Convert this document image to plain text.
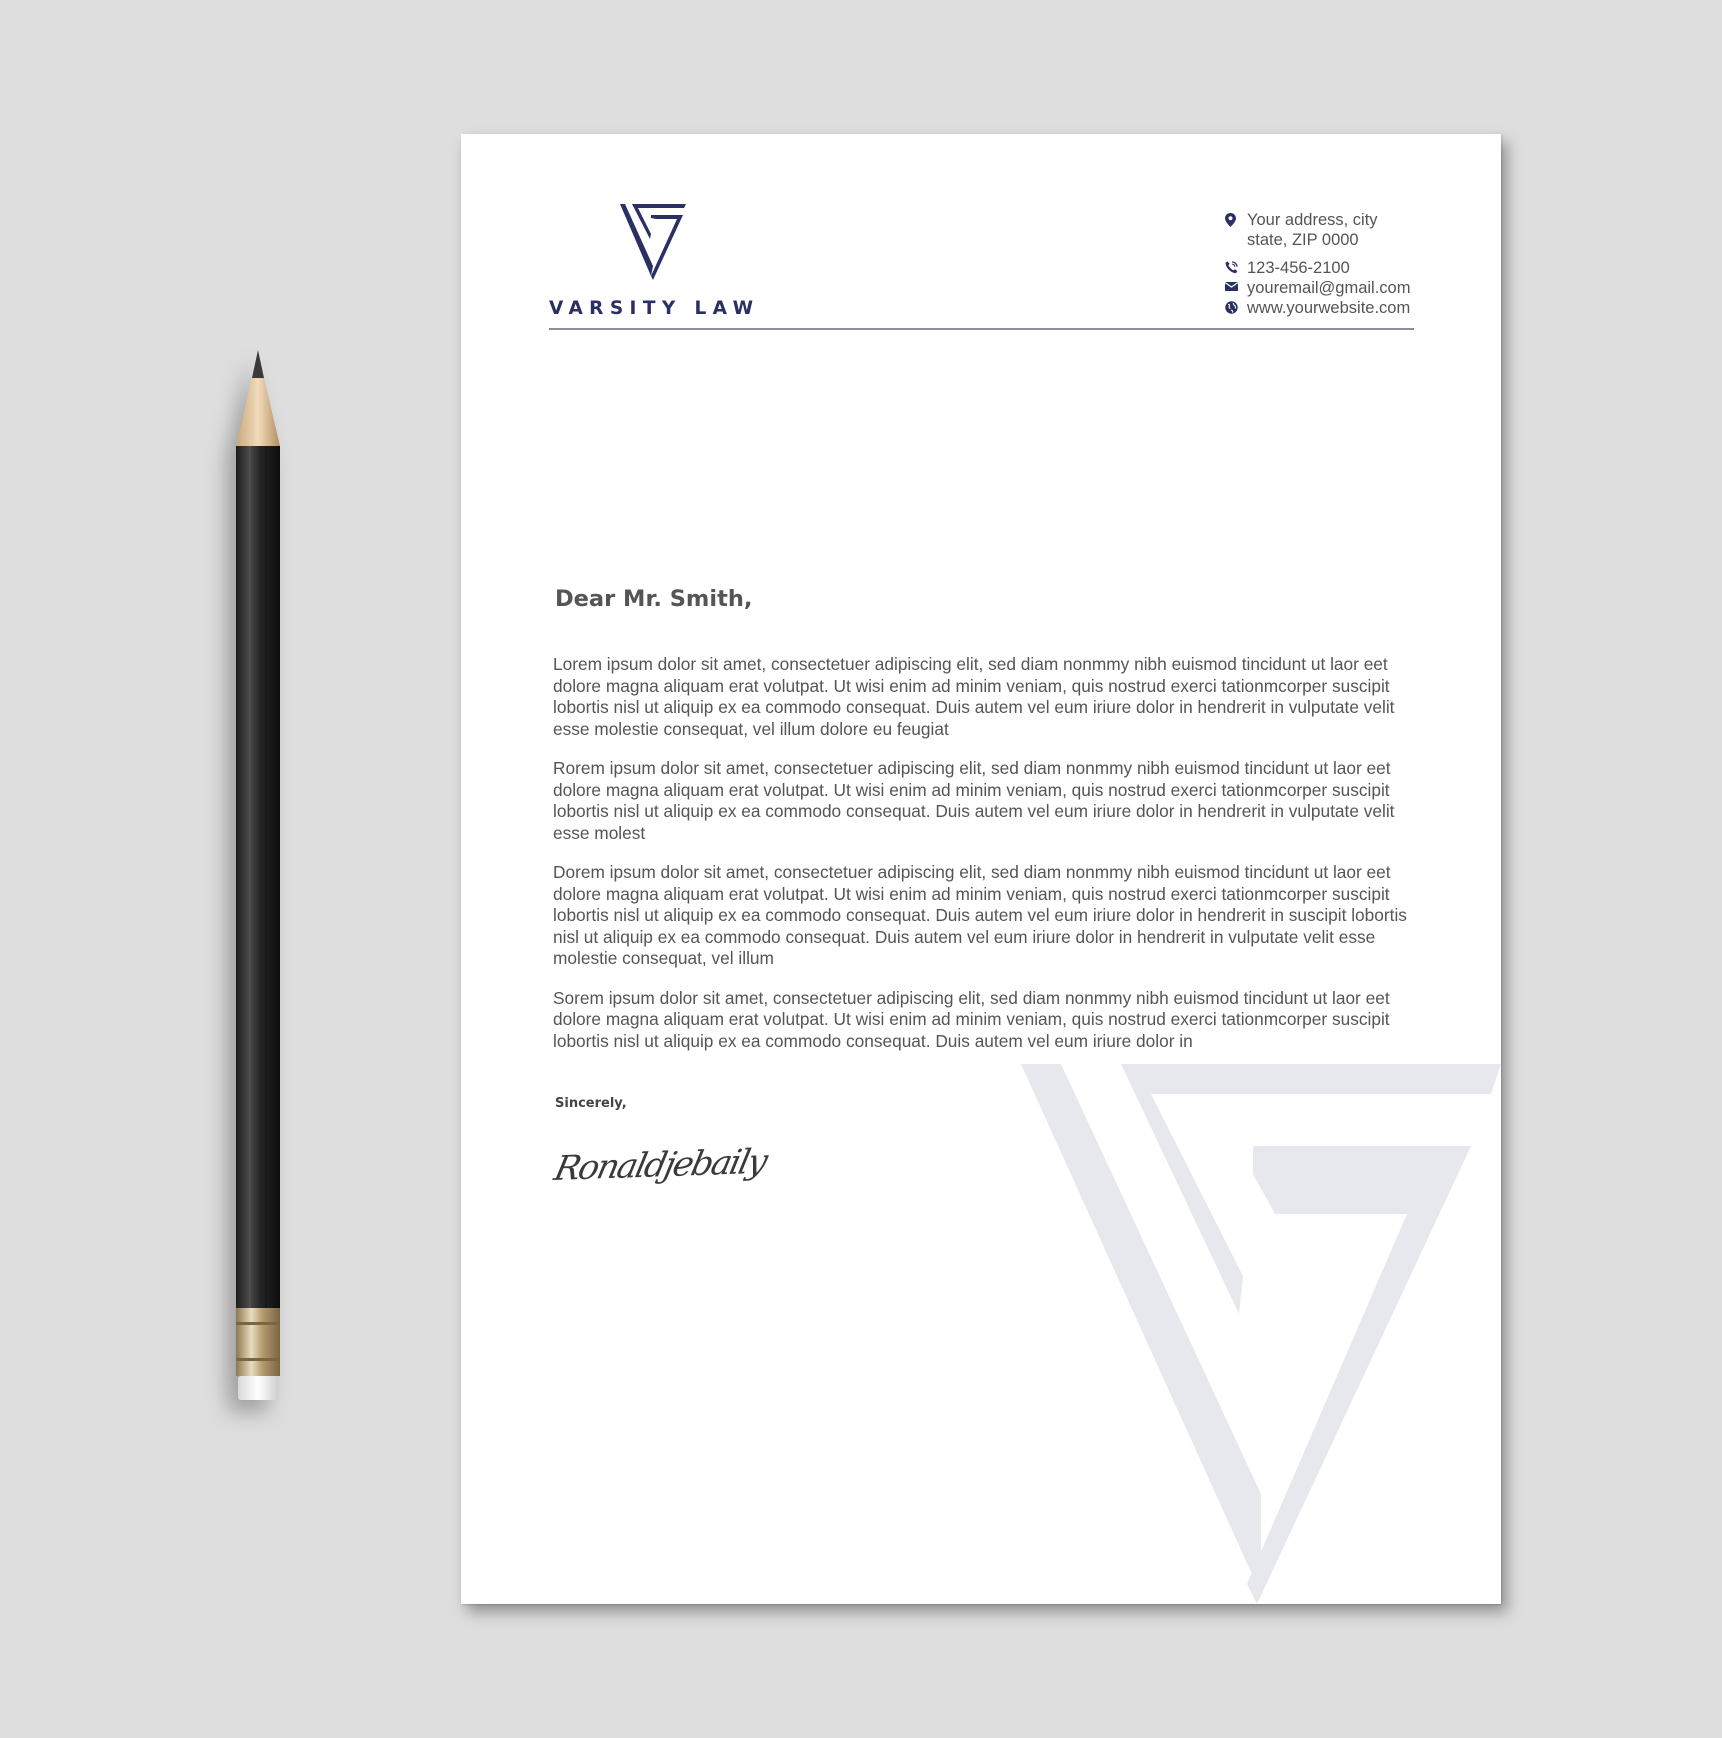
VARSITY LAW
Your address, city
state, ZIP 0000
123-456-2100
youremail@gmail.com
www.yourwebsite.com
Dear Mr. Smith,

Lorem ipsum dolor sit amet, consectetuer adipiscing elit, sed diam nonmmy nibh euismod tincidunt ut laor eet dolore magna aliquam erat volutpat. Ut wisi enim ad minim veniam, quis nostrud exerci tationmcorper suscipit lobortis nisl ut aliquip ex ea commodo consequat. Duis autem vel eum iriure dolor in hendrerit in vulputate velit esse molestie consequat, vel illum dolore eu feugiat

Rorem ipsum dolor sit amet, consectetuer adipiscing elit, sed diam nonmmy nibh euismod tincidunt ut laor eet dolore magna aliquam erat volutpat. Ut wisi enim ad minim veniam, quis nostrud exerci tationmcorper suscipit lobortis nisl ut aliquip ex ea commodo consequat. Duis autem vel eum iriure dolor in hendrerit in vulputate velit esse molest

Dorem ipsum dolor sit amet, consectetuer adipiscing elit, sed diam nonmmy nibh euismod tincidunt ut laor eet dolore magna aliquam erat volutpat. Ut wisi enim ad minim veniam, quis nostrud exerci tationmcorper suscipit lobortis nisl ut aliquip ex ea commodo consequat. Duis autem vel eum iriure dolor in hendrerit in suscipit lobortis nisl ut aliquip ex ea commodo consequat. Duis autem vel eum iriure dolor in hendrerit in vulputate velit esse molestie consequat, vel illum

Sorem ipsum dolor sit amet, consectetuer adipiscing elit, sed diam nonmmy nibh euismod tincidunt ut laor eet dolore magna aliquam erat volutpat. Ut wisi enim ad minim veniam, quis nostrud exerci tationmcorper suscipit lobortis nisl ut aliquip ex ea commodo consequat. Duis autem vel eum iriure dolor in

Sincerely,
Ronaldjebaily
